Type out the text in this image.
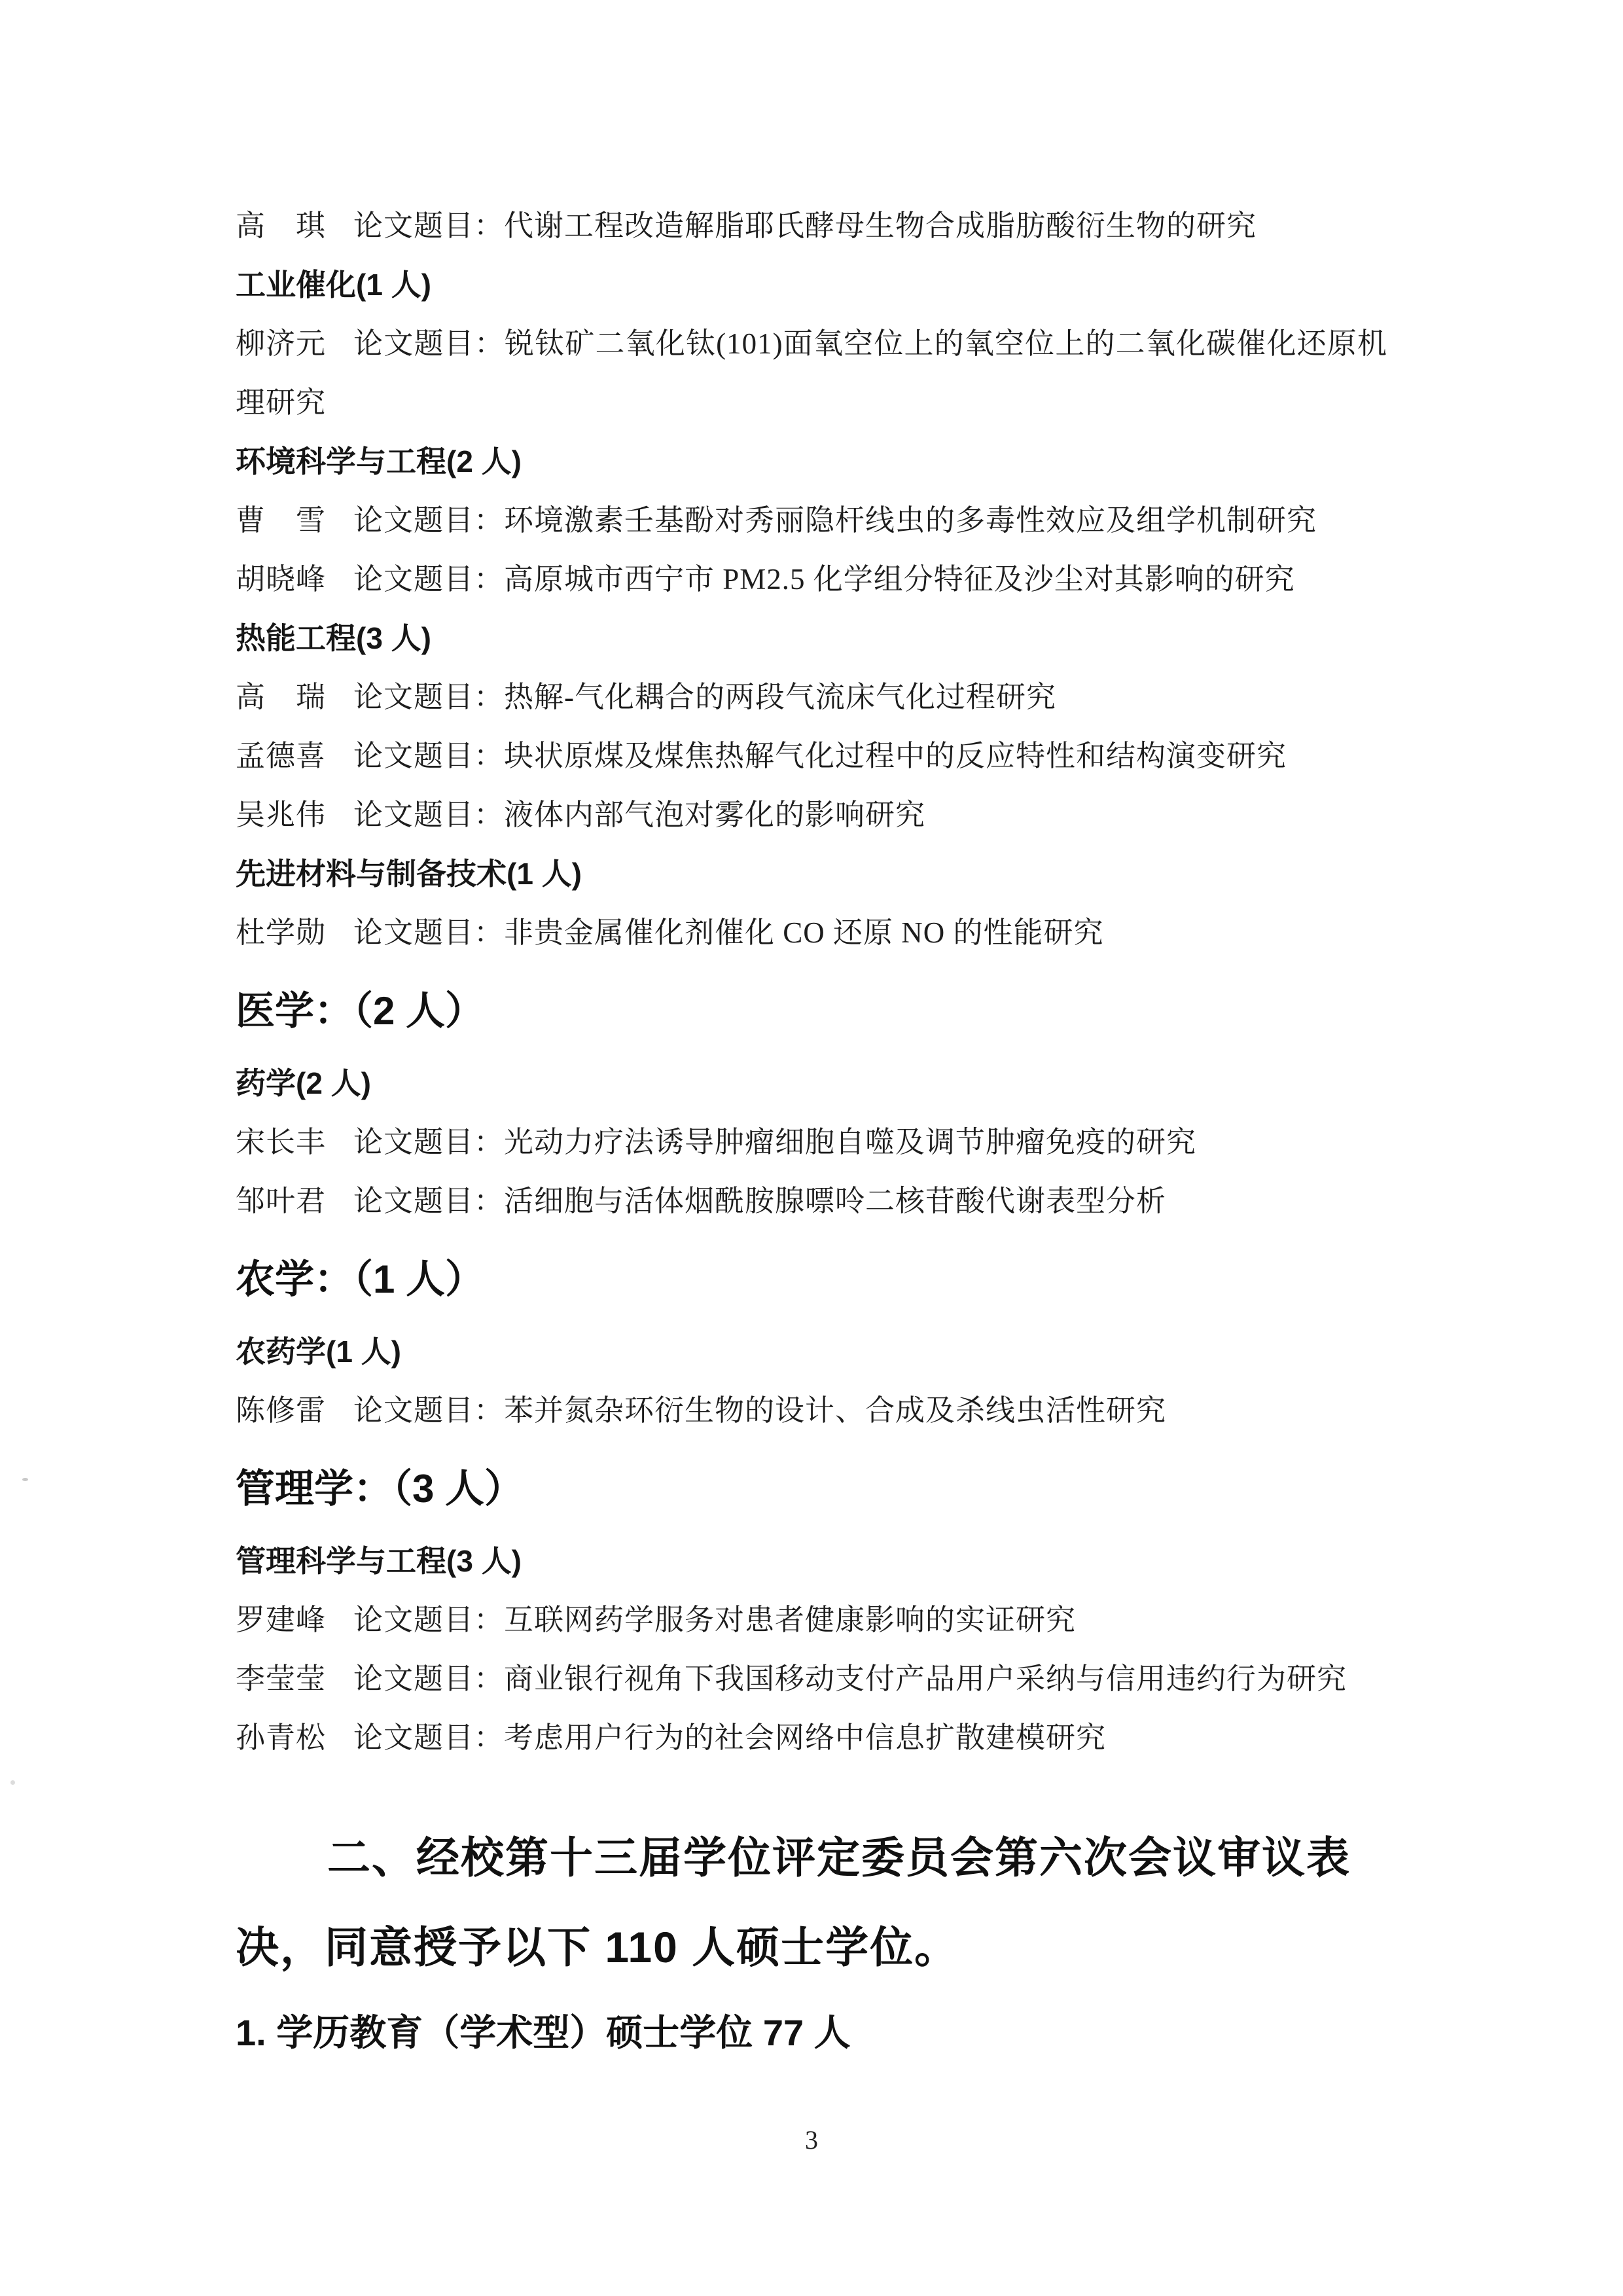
高　琪 论文题目：代谢工程改造解脂耶氏酵母生物合成脂肪酸衍生物的研究

工业催化(1 人)

柳济元 论文题目：锐钛矿二氧化钛(101)面氧空位上的氧空位上的二氧化碳催化还原机理研究

环境科学与工程(2 人)

曹　雪 论文题目：环境激素壬基酚对秀丽隐杆线虫的多毒性效应及组学机制研究

胡晓峰 论文题目：高原城市西宁市 PM2.5 化学组分特征及沙尘对其影响的研究

热能工程(3 人)

高　瑞 论文题目：热解-气化耦合的两段气流床气化过程研究

孟德喜 论文题目：块状原煤及煤焦热解气化过程中的反应特性和结构演变研究

吴兆伟 论文题目：液体内部气泡对雾化的影响研究

先进材料与制备技术(1 人)

杜学勋 论文题目：非贵金属催化剂催化 CO 还原 NO 的性能研究

医学：（2 人）

药学(2 人)

宋长丰 论文题目：光动力疗法诱导肿瘤细胞自噬及调节肿瘤免疫的研究

邹叶君 论文题目：活细胞与活体烟酰胺腺嘌呤二核苷酸代谢表型分析

农学：（1 人）

农药学(1 人)

陈修雷 论文题目：苯并氮杂环衍生物的设计、合成及杀线虫活性研究

管理学：（3 人）

管理科学与工程(3 人)

罗建峰 论文题目：互联网药学服务对患者健康影响的实证研究

李莹莹 论文题目：商业银行视角下我国移动支付产品用户采纳与信用违约行为研究

孙青松 论文题目：考虑用户行为的社会网络中信息扩散建模研究

二、经校第十三届学位评定委员会第六次会议审议表

决，同意授予以下 110 人硕士学位。

1. 学历教育（学术型）硕士学位 77 人

3
